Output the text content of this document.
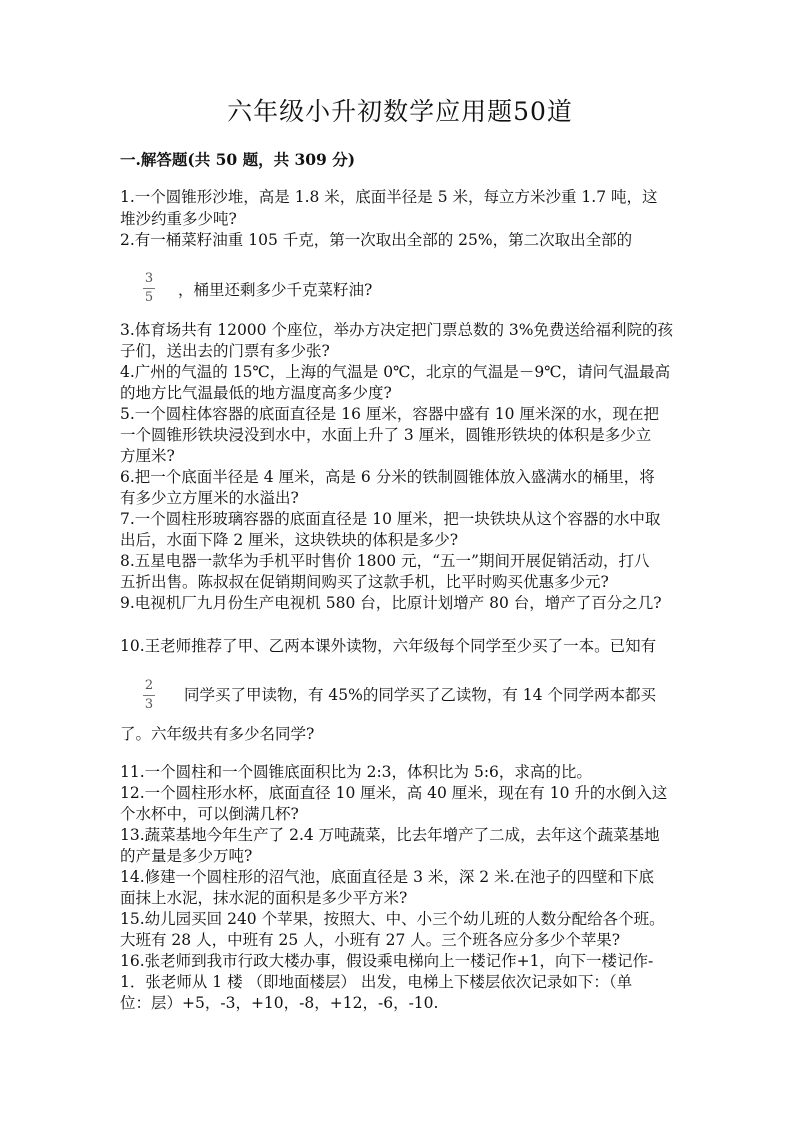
六年级小升初数学应用题50道
一.解答题(共 50 题，共 309 分)
1.一个圆锥形沙堆，高是 1.8 米，底面半径是 5 米，每立方米沙重 1.7 吨，这
堆沙约重多少吨?
2.有一桶菜籽油重 105 千克，第一次取出全部的 25%，第二次取出全部的
3
5 ，桶里还剩多少千克菜籽油?
3.体育场共有 12000 个座位，举办方决定把门票总数的 3%免费送给福利院的孩
子们，送出去的门票有多少张?
4.广州的气温的 15℃，上海的气温是 0℃，北京的气温是－9℃，请问气温最高
的地方比气温最低的地方温度高多少度?
5.一个圆柱体容器的底面直径是 16 厘米，容器中盛有 10 厘米深的水，现在把
一个圆锥形铁块浸没到水中，水面上升了 3 厘米，圆锥形铁块的体积是多少立
方厘米?
6.把一个底面半径是 4 厘米，高是 6 分米的铁制圆锥体放入盛满水的桶里，将
有多少立方厘米的水溢出?
7.一个圆柱形玻璃容器的底面直径是 10 厘米，把一块铁块从这个容器的水中取
出后，水面下降 2 厘米，这块铁块的体积是多少?
8.五星电器一款华为手机平时售价 1800 元，“五一”期间开展促销活动，打八
五折出售。陈叔叔在促销期间购买了这款手机，比平时购买优惠多少元?
9.电视机厂九月份生产电视机 580 台，比原计划增产 80 台，增产了百分之几?
10.王老师推荐了甲、乙两本课外读物，六年级每个同学至少买了一本。已知有
2
3
同学买了甲读物，有 45%的同学买了乙读物，有 14 个同学两本都买
了。六年级共有多少名同学?
11.一个圆柱和一个圆锥底面积比为 2:3，体积比为 5:6，求高的比。
12.一个圆柱形水杯，底面直径 10 厘米，高 40 厘米，现在有 10 升的水倒入这
个水杯中，可以倒满几杯?
13.蔬菜基地今年生产了 2.4 万吨蔬菜，比去年增产了二成，去年这个蔬菜基地
的产量是多少万吨?
14.修建一个圆柱形的沼气池，底面直径是 3 米，深 2 米.在池子的四壁和下底
面抹上水泥，抹水泥的面积是多少平方米?
15.幼儿园买回 240 个苹果，按照大、中、小三个幼儿班的人数分配给各个班。
大班有 28 人，中班有 25 人，小班有 27 人。三个班各应分多少个苹果?
16.张老师到我市行政大楼办事，假设乘电梯向上一楼记作+1，向下一楼记作-
1．张老师从 1 楼 （即地面楼层） 出发，电梯上下楼层依次记录如下：（单
位：层）+5，-3，+10，-8，+12，-6，-10.
